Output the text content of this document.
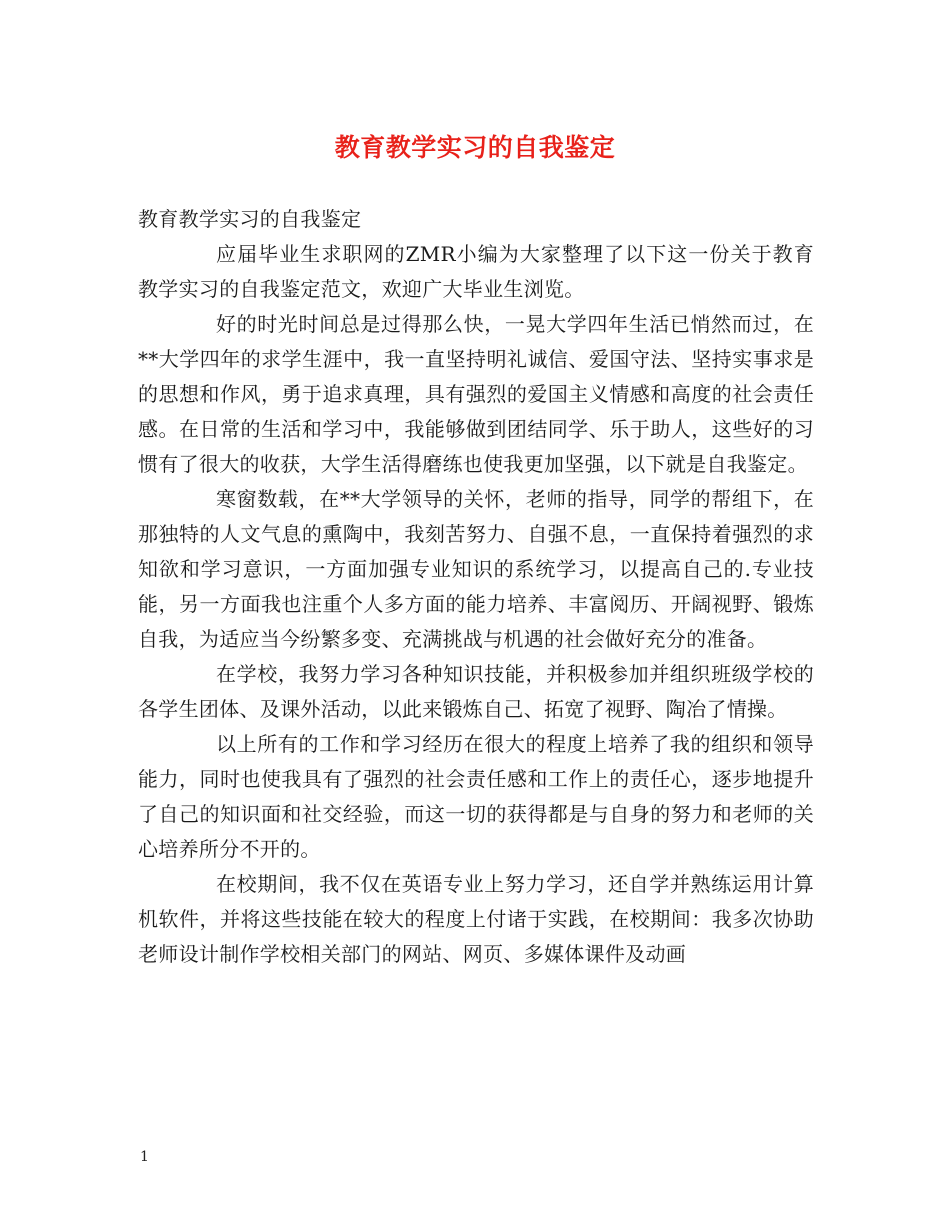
教育教学实习的自我鉴定

教育教学实习的自我鉴定

应届毕业生求职网的ZMR小编为大家整理了以下这一份关于教育教学实习的自我鉴定范文，欢迎广大毕业生浏览。

好的时光时间总是过得那么快，一晃大学四年生活已悄然而过，在**大学四年的求学生涯中，我一直坚持明礼诚信、爱国守法、坚持实事求是的思想和作风，勇于追求真理，具有强烈的爱国主义情感和高度的社会责任感。在日常的生活和学习中，我能够做到团结同学、乐于助人，这些好的习惯有了很大的收获，大学生活得磨练也使我更加坚强，以下就是自我鉴定。

寒窗数载，在**大学领导的关怀，老师的指导，同学的帮组下，在那独特的人文气息的熏陶中，我刻苦努力、自强不息，一直保持着强烈的求知欲和学习意识，一方面加强专业知识的系统学习，以提高自己的.专业技能，另一方面我也注重个人多方面的能力培养、丰富阅历、开阔视野、锻炼自我，为适应当今纷繁多变、充满挑战与机遇的社会做好充分的准备。

在学校，我努力学习各种知识技能，并积极参加并组织班级学校的各学生团体、及课外活动，以此来锻炼自己、拓宽了视野、陶冶了情操。

以上所有的工作和学习经历在很大的程度上培养了我的组织和领导能力，同时也使我具有了强烈的社会责任感和工作上的责任心，逐步地提升了自己的知识面和社交经验，而这一切的获得都是与自身的努力和老师的关心培养所分不开的。

在校期间，我不仅在英语专业上努力学习，还自学并熟练运用计算机软件，并将这些技能在较大的程度上付诸于实践，在校期间：我多次协助老师设计制作学校相关部门的网站、网页、多媒体课件及动画

1
